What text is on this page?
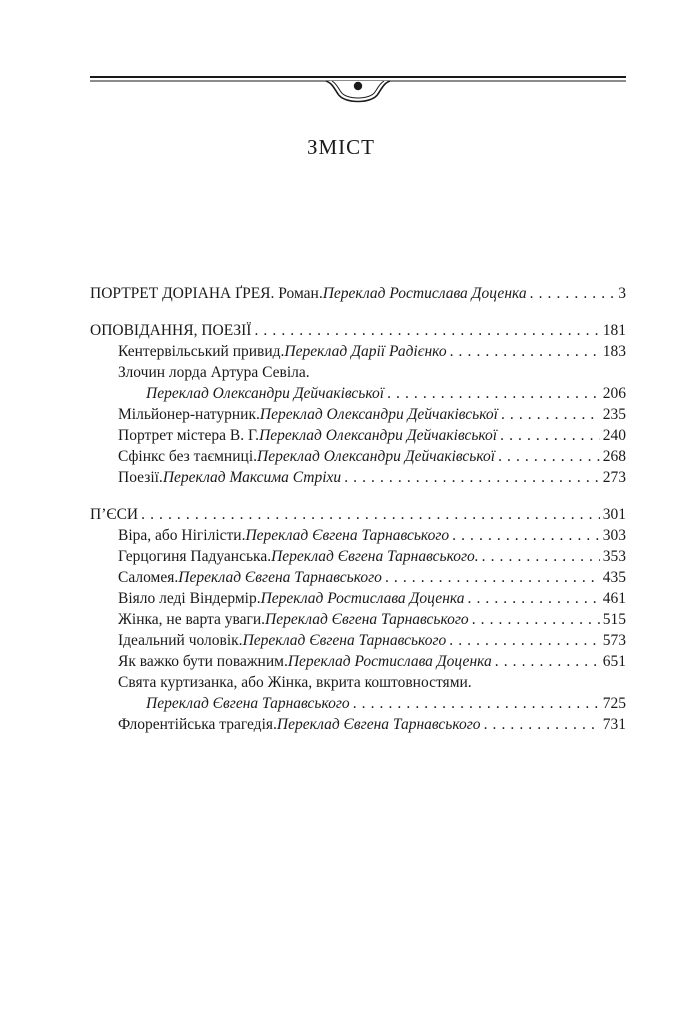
ЗМІСТ
ПОРТРЕТ ДОРІАНА ҐРЕЯ. Роман. Переклад Ростислава Доценка . . .	3
ОПОВІДАННЯ, ПОЕЗІЇ . . .	181
Кентервільський привид. Переклад Дарії Радієнко . . .	183
Злочин лорда Артура Севіла.
Переклад Олександри Дейчаківської . . .	206
Мільйонер-натурник. Переклад Олександри Дейчаківської . . .	235
Портрет містера В. Г. Переклад Олександри Дейчаківської . . .	240
Сфінкс без таємниці. Переклад Олександри Дейчаківської . . .	268
Поезії. Переклад Максима Стріхи . . .	273
П’ЄСИ . . .	301
Віра, або Нігілісти. Переклад Євгена Тарнавського . . .	303
Герцогиня Падуанська. Переклад Євгена Тарнавського. . . .	353
Саломея. Переклад Євгена Тарнавського . . .	435
Віяло леді Віндермір. Переклад Ростислава Доценка . . .	461
Жінка, не варта уваги. Переклад Євгена Тарнавського . . .	515
Ідеальний чоловік. Переклад Євгена Тарнавського . . .	573
Як важко бути поважним. Переклад Ростислава Доценка . . .	651
Свята куртизанка, або Жінка, вкрита коштовностями.
Переклад Євгена Тарнавського . . .	725
Флорентійська трагедія. Переклад Євгена Тарнавського . . .	731
